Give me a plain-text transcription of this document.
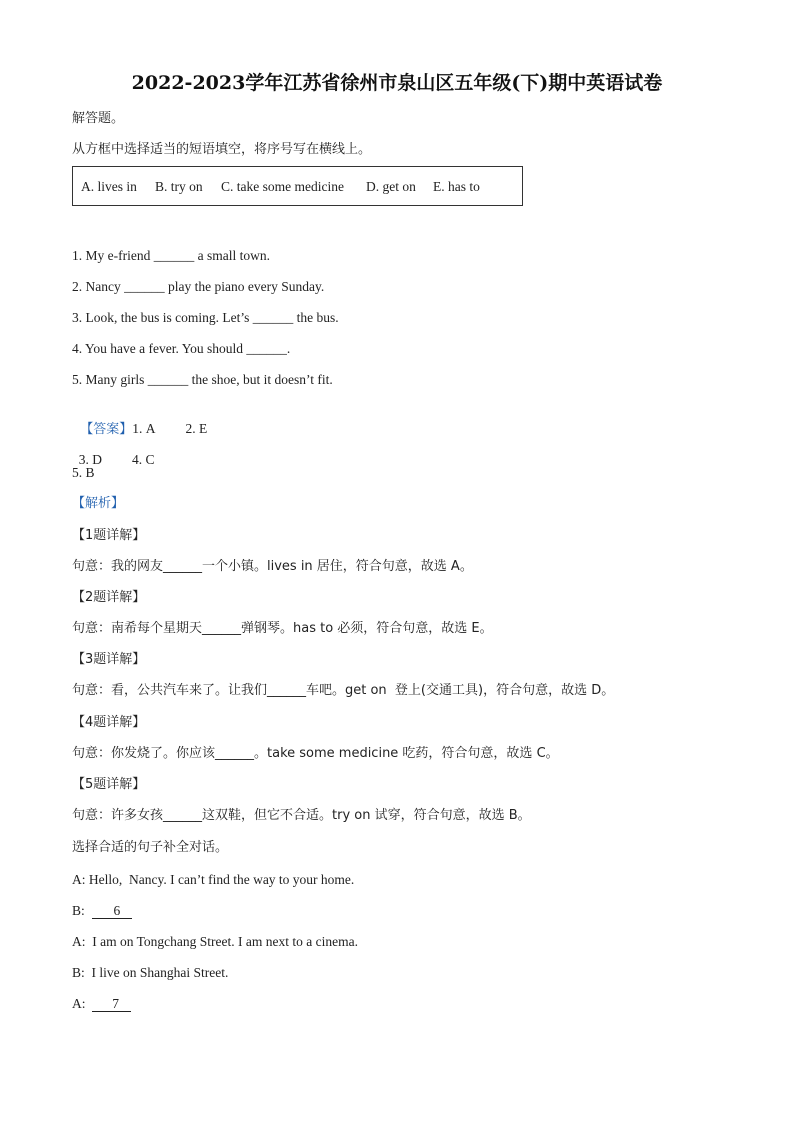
2022-2023学年江苏省徐州市泉山区五年级(下)期中英语试卷
解答题。
从方框中选择适当的短语填空，将序号写在横线上。
A. lives in B. try on C. take some medicine D. get on E. has to
1. My e-friend ______ a small town.
2. Nancy ______ play the piano every Sunday.
3. Look, the bus is coming. Let’s ______ the bus.
4. You have a fever. You should ______.
5. Many girls ______ the shoe, but it doesn’t fit.

【答案】1. A 2. E

3. D 4. C

5. B
【解析】
【1题详解】
句意：我的网友______一个小镇。lives in 居住，符合句意，故选 A。
【2题详解】
句意：南希每个星期天______弹钢琴。has to 必须，符合句意，故选 E。
【3题详解】
句意：看，公共汽车来了。让我们______车吧。get on  登上(交通工具)，符合句意，故选 D。
【4题详解】
句意：你发烧了。你应该______。take some medicine 吃药，符合句意，故选 C。
【5题详解】
句意：许多女孩______这双鞋，但它不合适。try on 试穿，符合句意，故选 B。
选择合适的句子补全对话。
A: Hello,  Nancy. I can’t find the way to your home.
B: 6
A: I am on Tongchang Street. I am next to a cinema.
B: I live on Shanghai Street.
A: 7
